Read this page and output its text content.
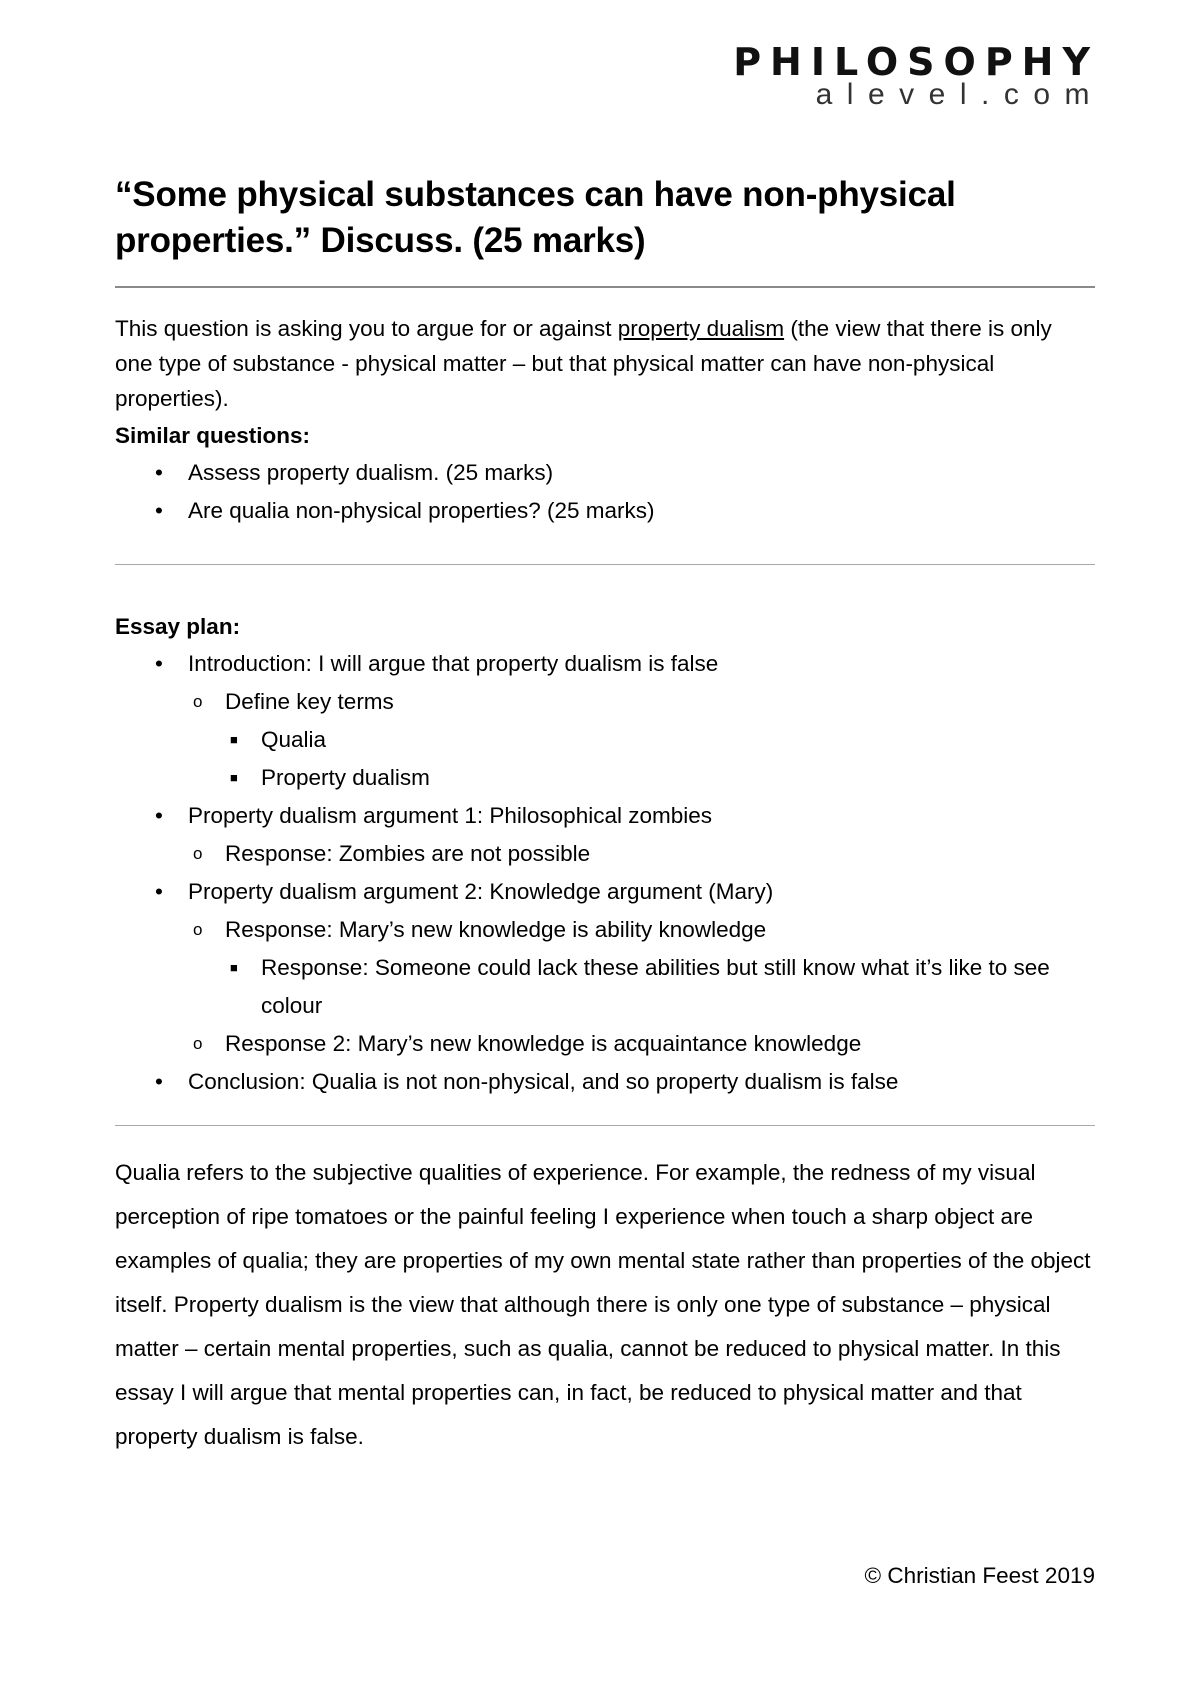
PHILOSOPHY
alevel.com
“Some physical substances can have non-physical properties.” Discuss. (25 marks)

This question is asking you to argue for or against property dualism (the view that there is only one type of substance - physical matter – but that physical matter can have non-physical properties).

Similar questions:
• Assess property dualism. (25 marks)
• Are qualia non-physical properties? (25 marks)
Essay plan:
• Introduction: I will argue that property dualism is false
o Define key terms
■ Qualia
■ Property dualism
• Property dualism argument 1: Philosophical zombies
o Response: Zombies are not possible
• Property dualism argument 2: Knowledge argument (Mary)
o Response: Mary’s new knowledge is ability knowledge
■ Response: Someone could lack these abilities but still know what it’s like to see colour
o Response 2: Mary’s new knowledge is acquaintance knowledge
• Conclusion: Qualia is not non-physical, and so property dualism is false

Qualia refers to the subjective qualities of experience. For example, the redness of my visual perception of ripe tomatoes or the painful feeling I experience when touch a sharp object are examples of qualia; they are properties of my own mental state rather than properties of the object itself. Property dualism is the view that although there is only one type of substance – physical matter – certain mental properties, such as qualia, cannot be reduced to physical matter. In this essay I will argue that mental properties can, in fact, be reduced to physical matter and that property dualism is false.

© Christian Feest 2019
